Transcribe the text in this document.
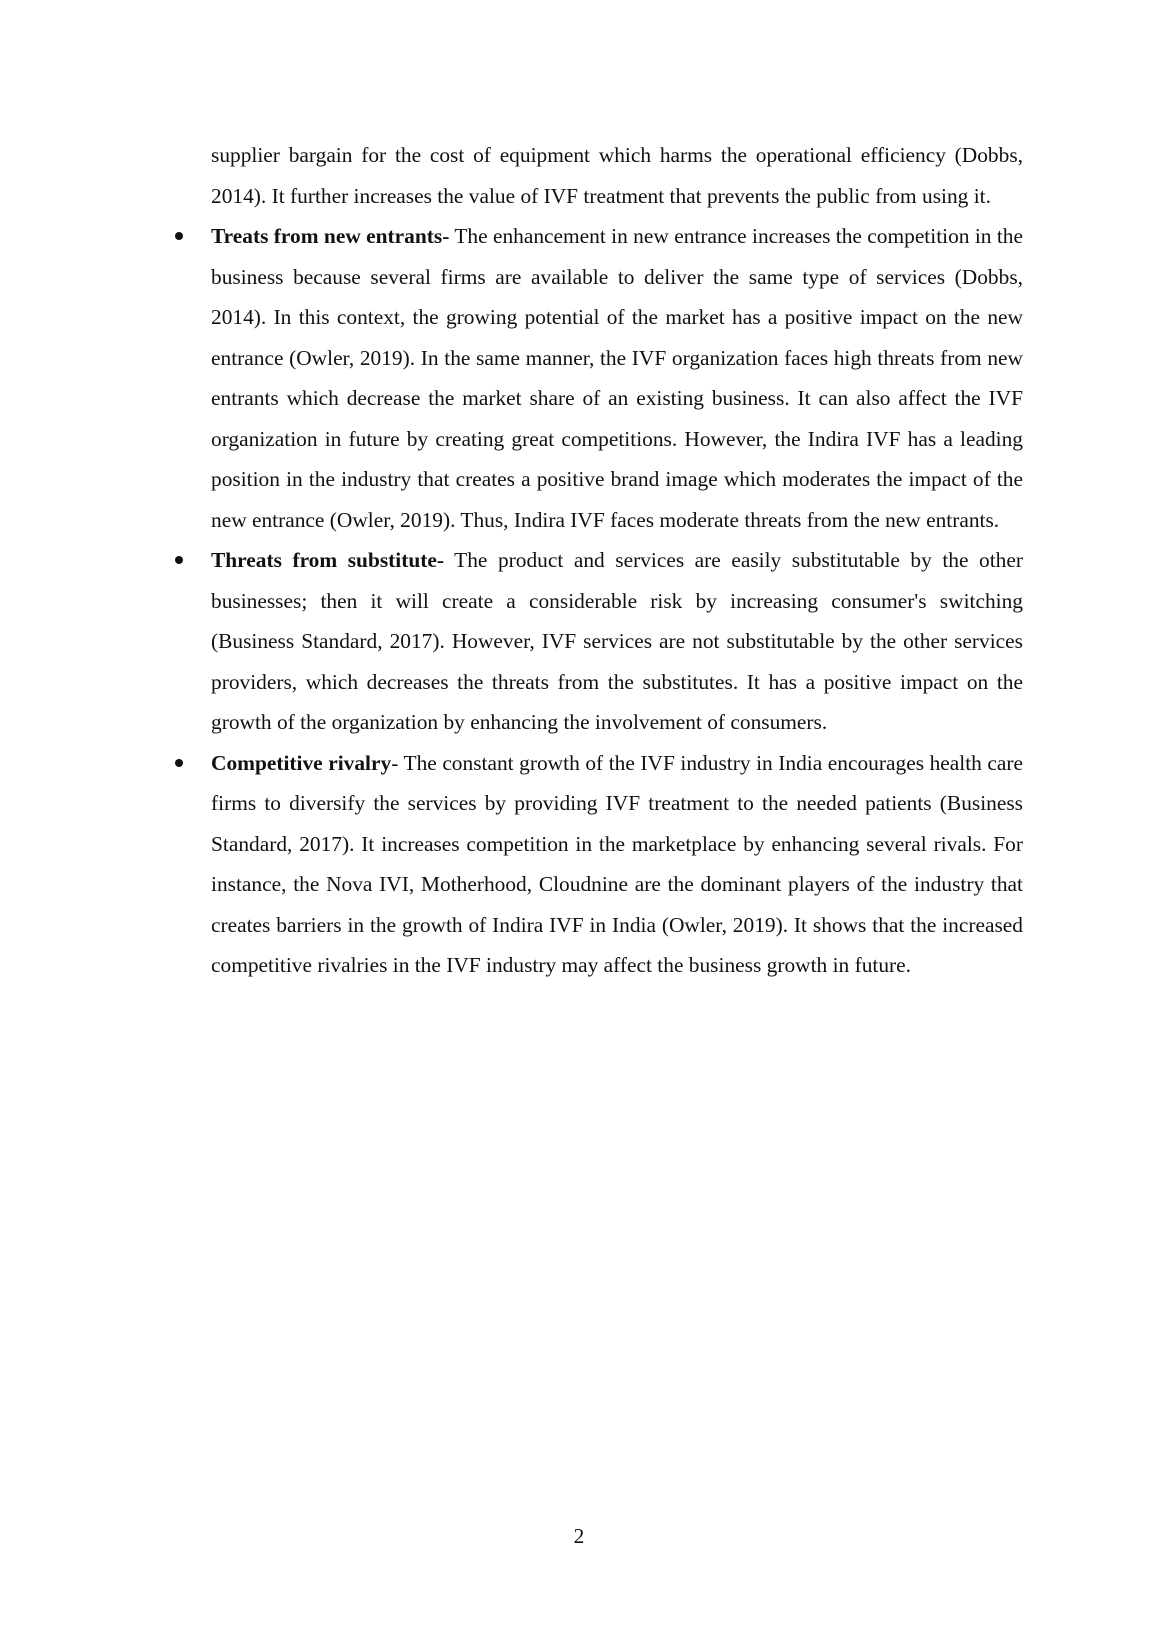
supplier bargain for the cost of equipment which harms the operational efficiency (Dobbs, 2014). It further increases the value of IVF treatment that prevents the public from using it.

Treats from new entrants- The enhancement in new entrance increases the competition in the business because several firms are available to deliver the same type of services (Dobbs, 2014). In this context, the growing potential of the market has a positive impact on the new entrance (Owler, 2019). In the same manner, the IVF organization faces high threats from new entrants which decrease the market share of an existing business. It can also affect the IVF organization in future by creating great competitions. However, the Indira IVF has a leading position in the industry that creates a positive brand image which moderates the impact of the new entrance (Owler, 2019). Thus, Indira IVF faces moderate threats from the new entrants.
Threats from substitute- The product and services are easily substitutable by the other businesses; then it will create a considerable risk by increasing consumer's switching (Business Standard, 2017). However, IVF services are not substitutable by the other services providers, which decreases the threats from the substitutes. It has a positive impact on the growth of the organization by enhancing the involvement of consumers.
Competitive rivalry- The constant growth of the IVF industry in India encourages health care firms to diversify the services by providing IVF treatment to the needed patients (Business Standard, 2017). It increases competition in the marketplace by enhancing several rivals. For instance, the Nova IVI, Motherhood, Cloudnine are the dominant players of the industry that creates barriers in the growth of Indira IVF in India (Owler, 2019). It shows that the increased competitive rivalries in the IVF industry may affect the business growth in future.
2
